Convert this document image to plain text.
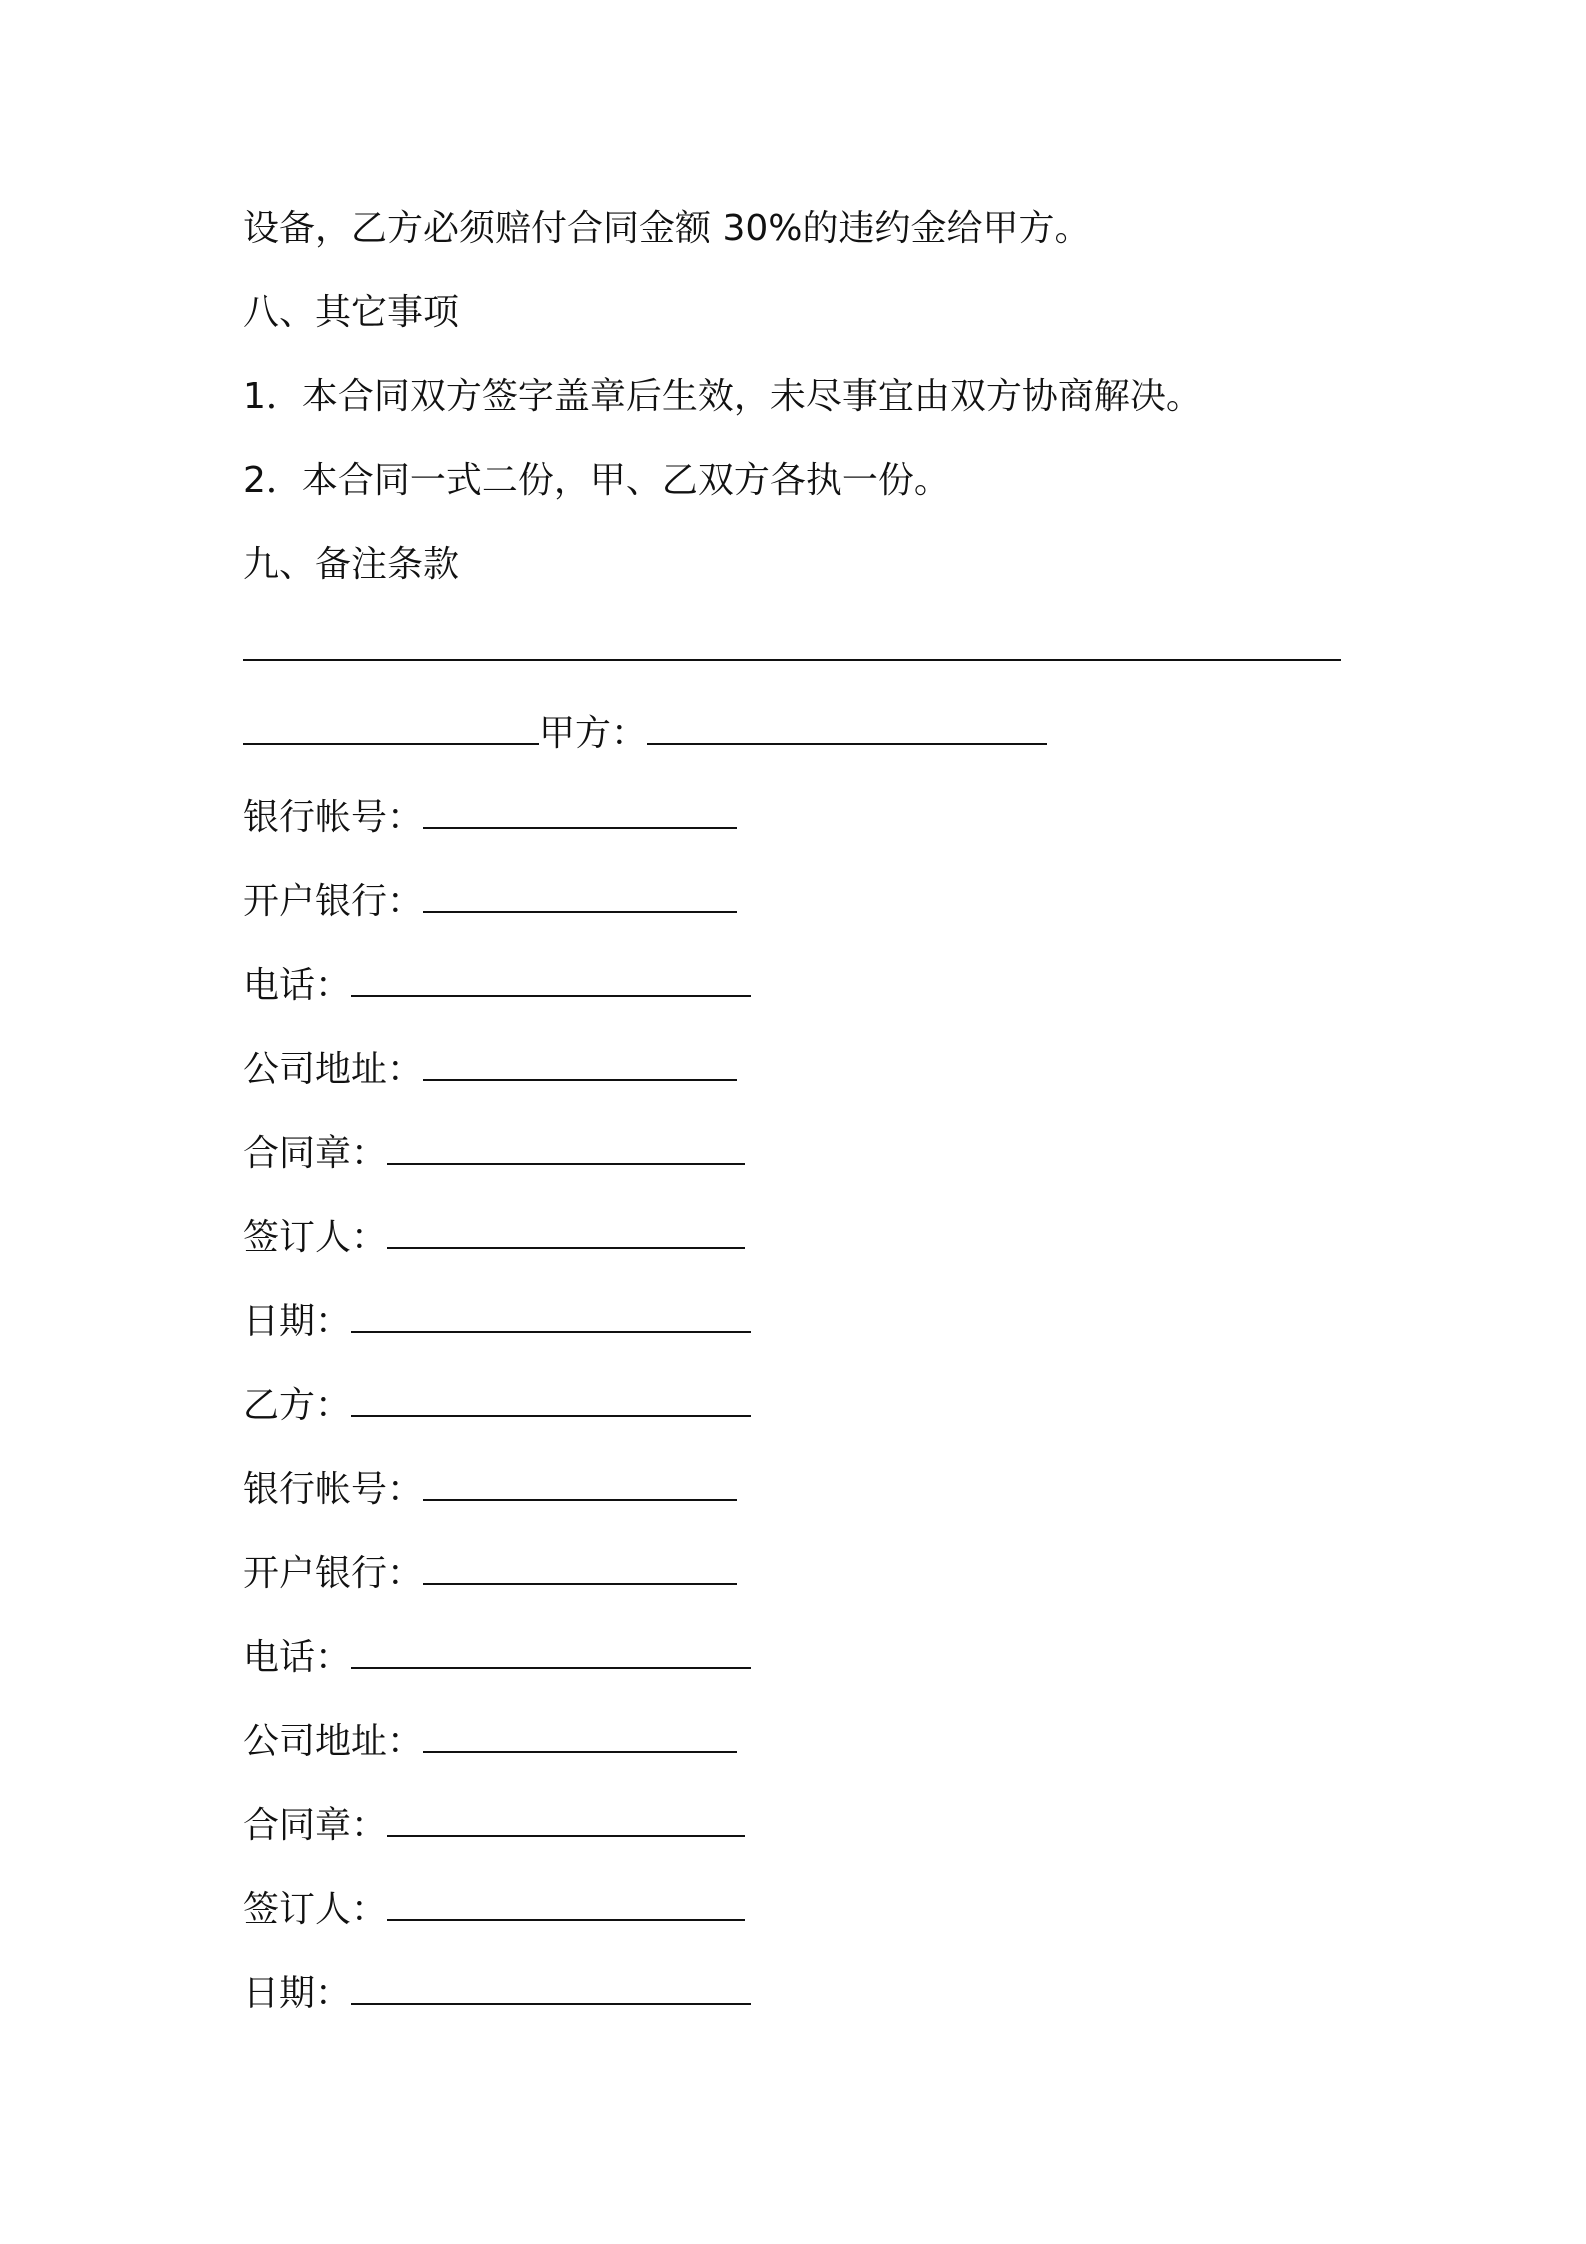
设备，乙方必须赔付合同金额 30%的违约金给甲方。
八、其它事项
1．本合同双方签字盖章后生效，未尽事宜由双方协商解决。
2．本合同一式二份，甲、乙双方各执一份。
九、备注条款
甲方：
银行帐号：
开户银行：
电话：
公司地址：
合同章：
签订人：
日期：
乙方：
银行帐号：
开户银行：
电话：
公司地址：
合同章：
签订人：
日期：
